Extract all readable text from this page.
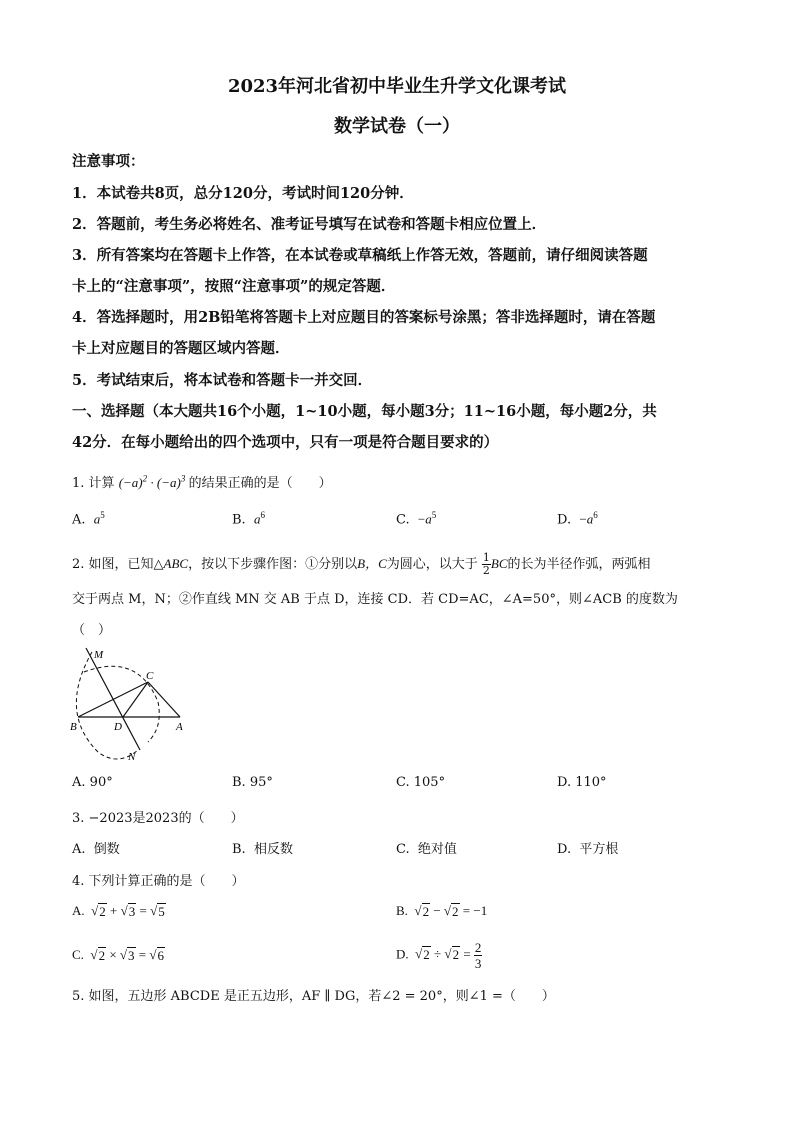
2023年河北省初中毕业生升学文化课考试
数学试卷（一）
注意事项：
1．本试卷共8页，总分120分，考试时间120分钟．
2．答题前，考生务必将姓名、准考证号填写在试卷和答题卡相应位置上．
3．所有答案均在答题卡上作答，在本试卷或草稿纸上作答无效，答题前，请仔细阅读答题
卡上的“注意事项”，按照“注意事项”的规定答题．
4．答选择题时，用2B铅笔将答题卡上对应题目的答案标号涂黑；答非选择题时，请在答题
卡上对应题目的答题区域内答题．
5．考试结束后，将本试卷和答题卡一并交回．
一、选择题（本大题共16个小题，1~10小题，每小题3分；11~16小题，每小题2分，共
42分．在每小题给出的四个选项中，只有一项是符合题目要求的）
1. 计算 $(-a)^2 \cdot (-a)^3$ 的结果正确的是（　　）
A. $a^5$	B. $a^6$	C. $-a^5$	D. $-a^6$
2. 如图，已知△ABC，按以下步骤作图：①分别以B，C为圆心，以大于 $\frac{1}{2}$ BC的长为半径作弧，两弧相
交于两点 M，N；②作直线 MN 交 AB 于点 D，连接 CD．若 CD=AC，∠A=50°，则∠ACB 的度数为
（　）
M
C
B	D	A
N
A. 90°	B. 95°	C. 105°	D. 110°
3. −2023是2023的（　　）
A. 倒数	B. 相反数	C. 绝对值	D. 平方根
4. 下列计算正确的是（　　）
A. √ 2 + √ 3 = √ 5	B. √ 2 − √ 2 = −1
C. √ 2 × √ 3 = √ 6	D. √ 2 ÷ √ $2 = \frac{2}{3}$
5. 如图，五边形 ABCDE 是正五边形，AF ∥ DG，若∠2 = 20°，则∠1 =（　　）
